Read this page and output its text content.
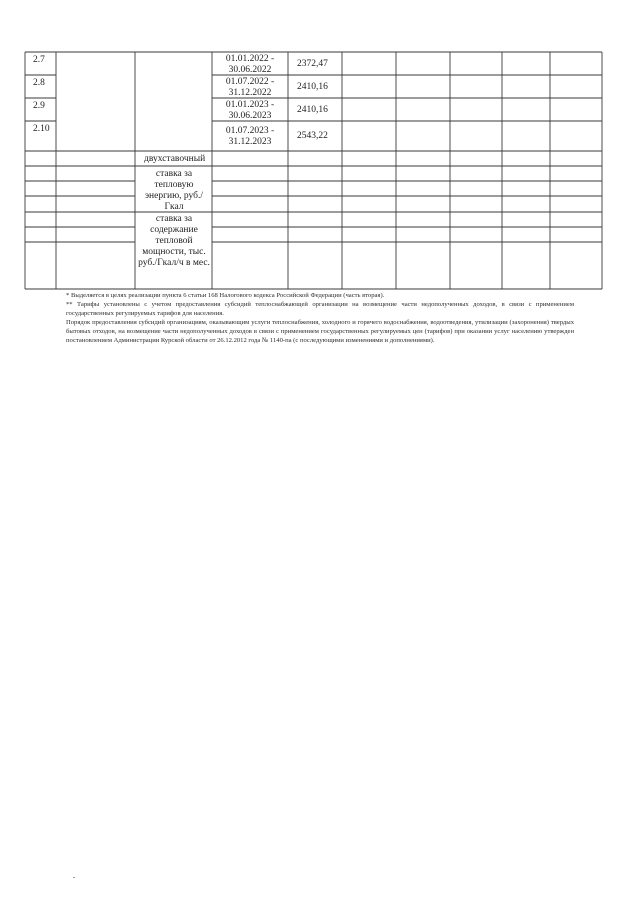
2.7
2.8
2.9
2.10
01.01.2022 - 30.06.2022
01.07.2022 - 31.12.2022
01.01.2023 - 30.06.2023
01.07.2023 - 31.12.2023
2372,47
2410,16
2410,16
2543,22
двухставочный
ставка за тепловую энергию, руб./Гкал
ставка за содержание тепловой мощности, тыс. руб./Гкал/ч в мес.

* Выделяется в целях реализации пункта 6 статьи 168 Налогового кодекса Российской Федерации (часть вторая).

** Тарифы установлены с учетом предоставления субсидий теплоснабжающей организации на возмещение части недополученных доходов, в связи с применением государственных регулируемых тарифов для населения.

Порядок предоставления субсидий организациям, оказывающим услуги теплоснабжения, холодного и горячего водоснабжения, водоотведения, утилизации (захоронения) твердых бытовых отходов, на возмещение части недополученных доходов в связи с применением государственных регулируемых цен (тарифов) при оказании услуг населению утвержден постановлением Администрации Курской области от 26.12.2012 года № 1140-па (с последующими изменениями и дополнениями).
